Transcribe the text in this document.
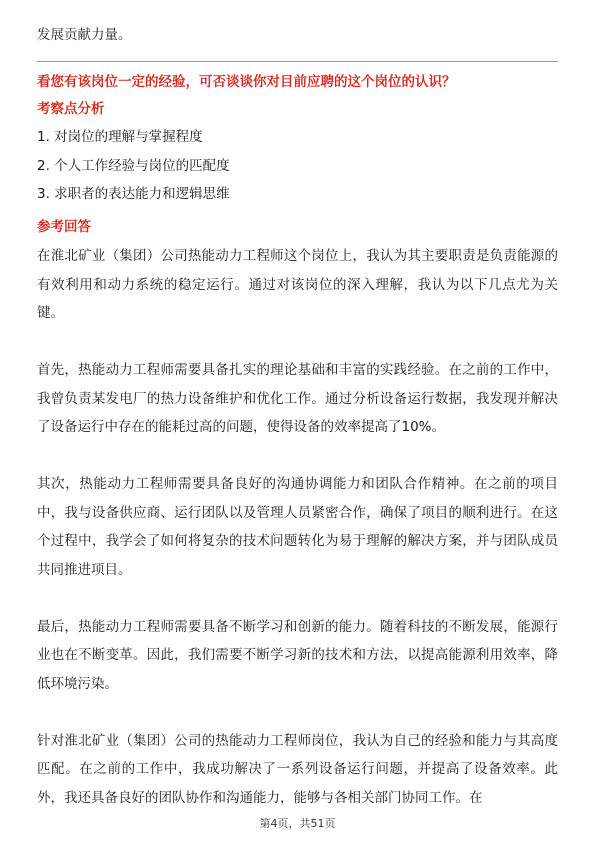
发展贡献力量。
看您有该岗位一定的经验，可否谈谈你对目前应聘的这个岗位的认识？
考察点分析
1. 对岗位的理解与掌握程度
2. 个人工作经验与岗位的匹配度
3. 求职者的表达能力和逻辑思维
参考回答

在淮北矿业（集团）公司热能动力工程师这个岗位上，我认为其主要职责是负责能源的有效利用和动力系统的稳定运行。通过对该岗位的深入理解，我认为以下几点尤为关键。

首先，热能动力工程师需要具备扎实的理论基础和丰富的实践经验。在之前的工作中，我曾负责某发电厂的热力设备维护和优化工作。通过分析设备运行数据，我发现并解决了设备运行中存在的能耗过高的问题，使得设备的效率提高了10%。

其次，热能动力工程师需要具备良好的沟通协调能力和团队合作精神。在之前的项目中，我与设备供应商、运行团队以及管理人员紧密合作，确保了项目的顺利进行。在这个过程中，我学会了如何将复杂的技术问题转化为易于理解的解决方案，并与团队成员共同推进项目。

最后，热能动力工程师需要具备不断学习和创新的能力。随着科技的不断发展，能源行业也在不断变革。因此，我们需要不断学习新的技术和方法，以提高能源利用效率，降低环境污染。

针对淮北矿业（集团）公司的热能动力工程师岗位，我认为自己的经验和能力与其高度匹配。在之前的工作中，我成功解决了一系列设备运行问题，并提高了设备效率。此外，我还具备良好的团队协作和沟通能力，能够与各相关部门协同工作。在

第4页，共51页
